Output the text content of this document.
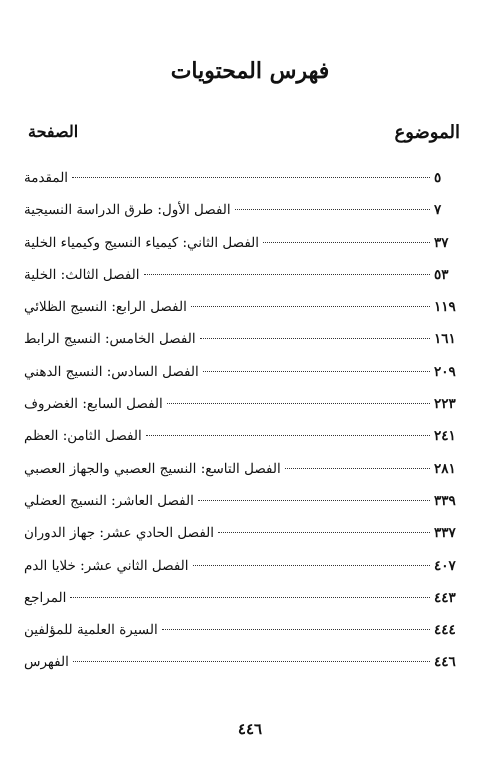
فهرس المحتويات
الموضوع
الصفحة
المقدمة	٥
الفصل الأول: طرق الدراسة النسيجية	٧
الفصل الثاني: كيمياء النسيج وكيمياء الخلية	٣٧
الفصل الثالث: الخلية	٥٣
الفصل الرابع: النسيج الظلائي	١١٩
الفصل الخامس: النسيج الرابط	١٦١
الفصل السادس: النسيج الدهني	٢٠٩
الفصل السابع: الغضروف	٢٢٣
الفصل الثامن: العظم	٢٤١
الفصل التاسع: النسيج العصبي والجهاز العصبي	٢٨١
الفصل العاشر: النسيج العضلي	٣٣٩
الفصل الحادي عشر: جهاز الدوران	٣٣٧
الفصل الثاني عشر: خلايا الدم	٤٠٧
المراجع	٤٤٣
السيرة العلمية للمؤلفين	٤٤٤
الفهرس	٤٤٦
٤٤٦
